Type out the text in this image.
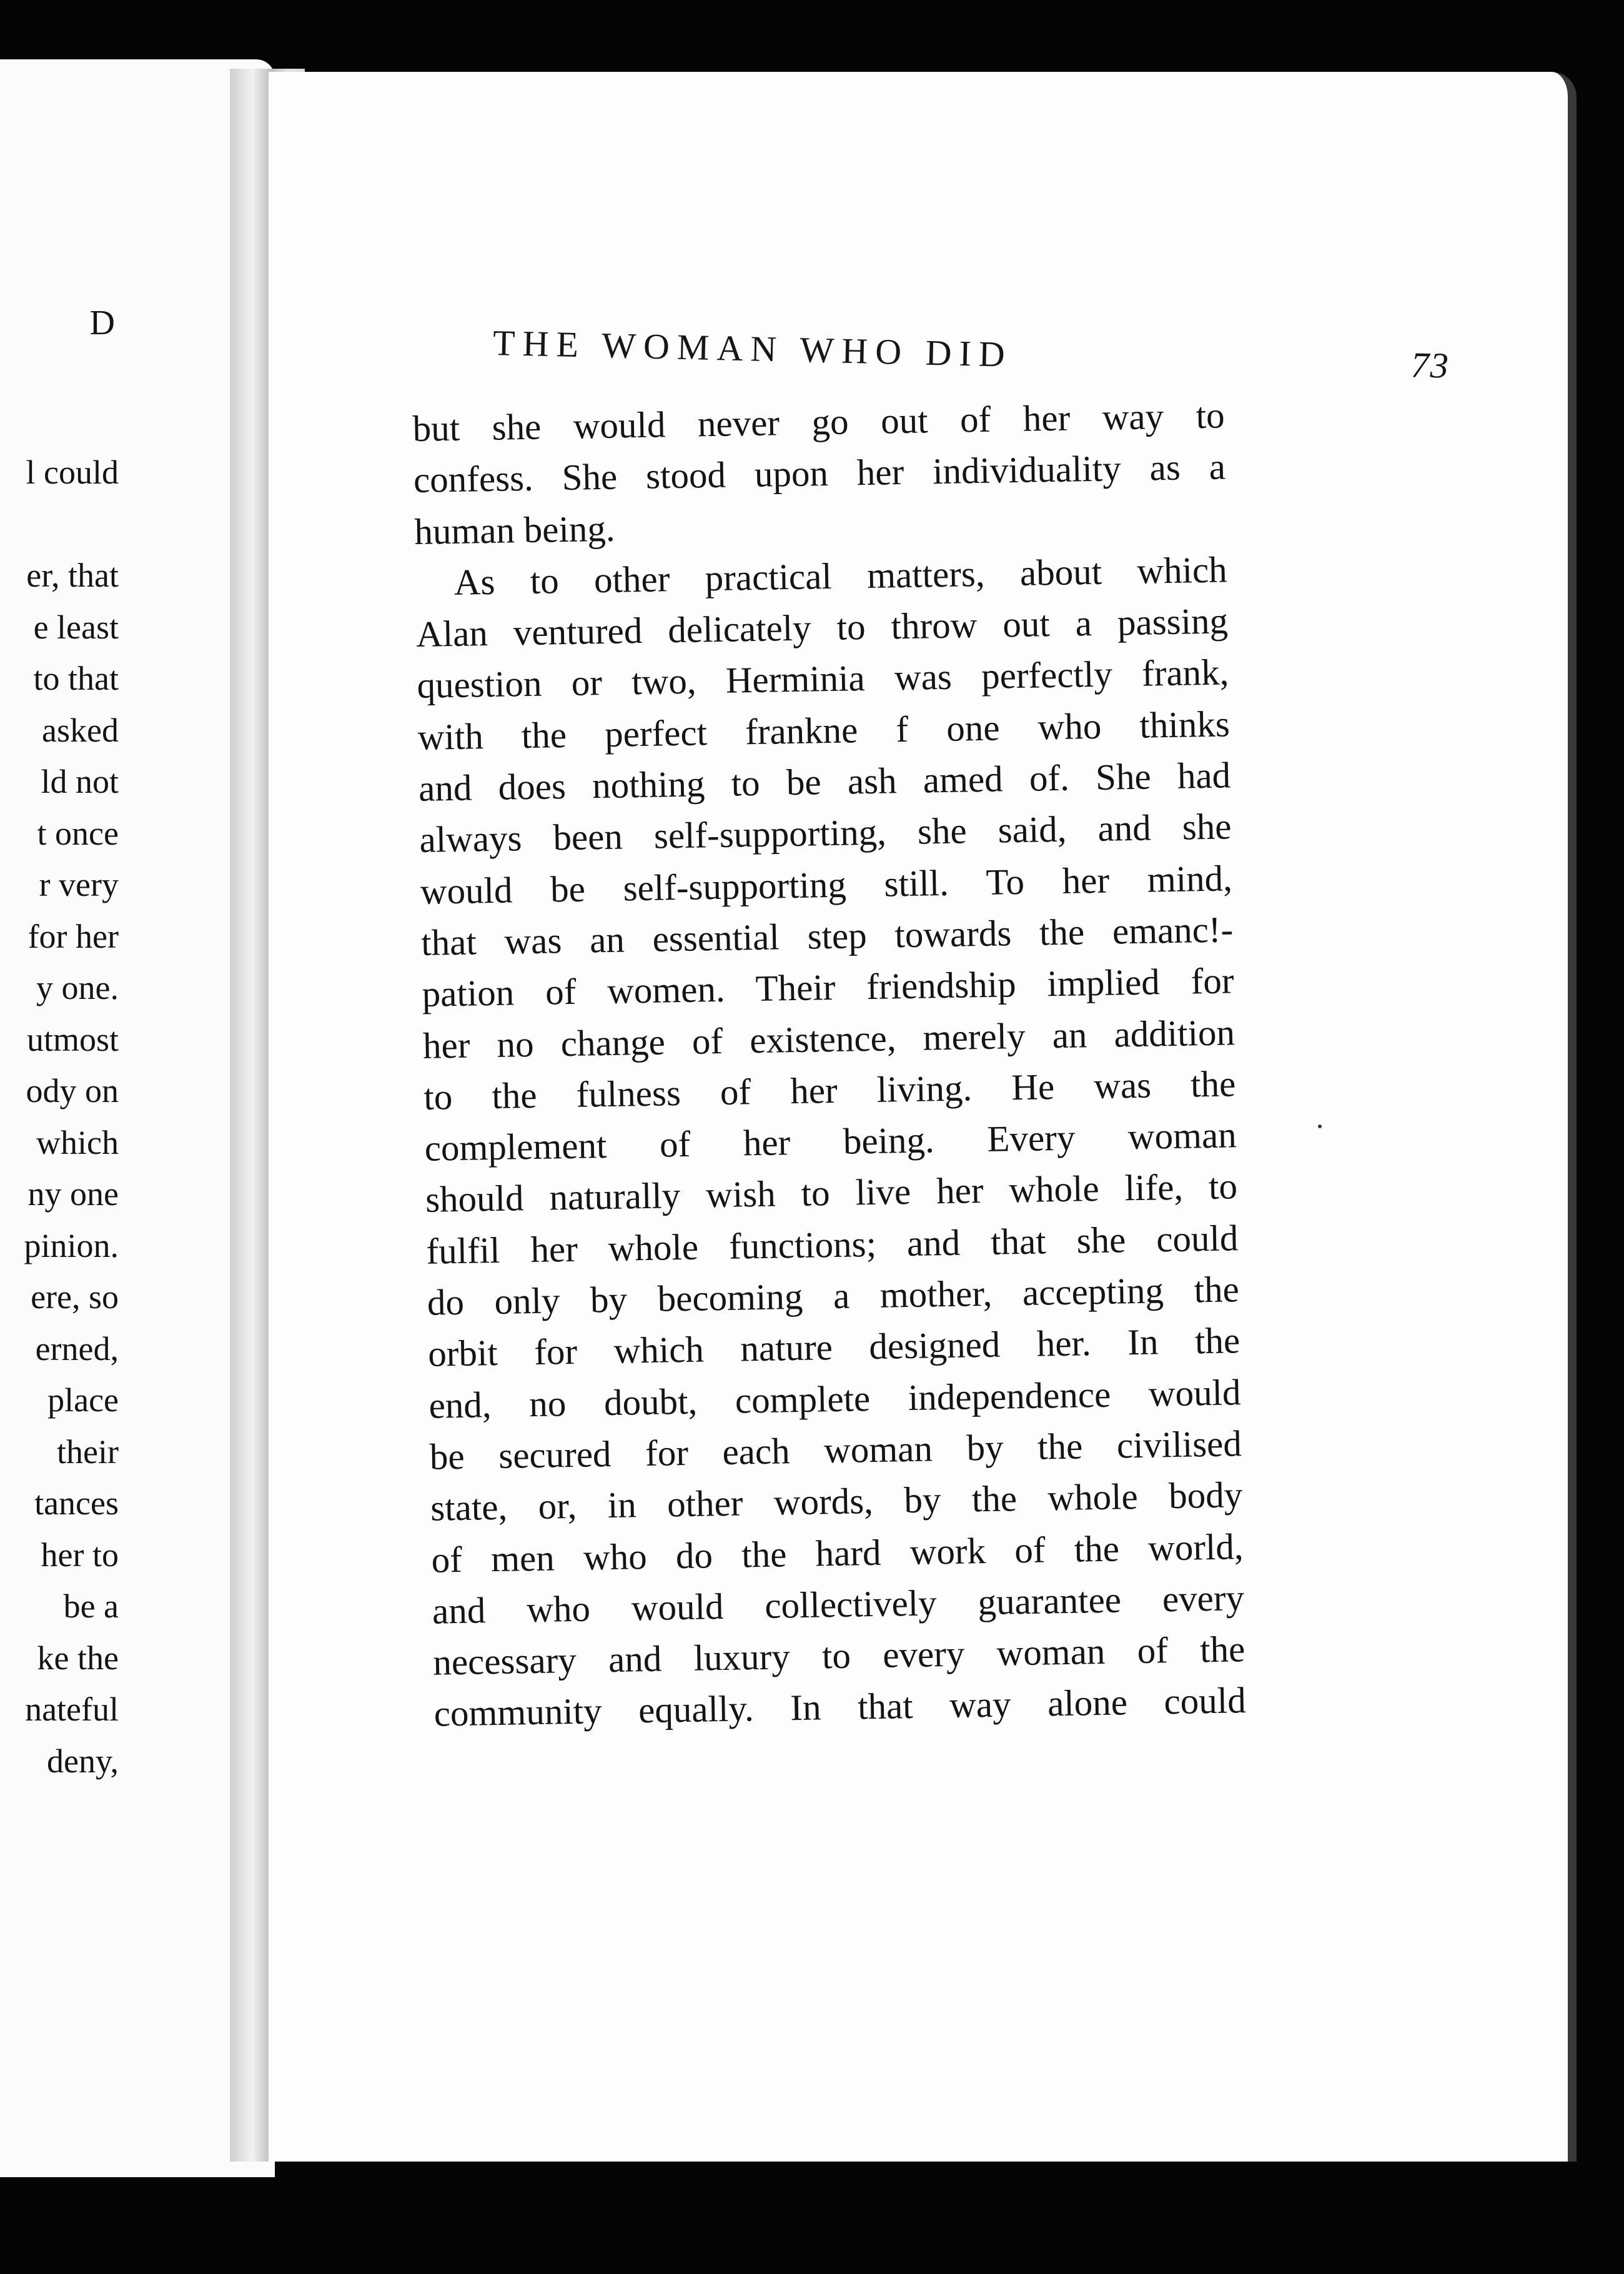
D
l could
er, that
e least
to that
asked
ld not
t once
r very
for her
y one.
utmost
ody on
which
ny one
pinion.
ere, so
erned,
place
their
tances
her to
be a
ke the
nateful
deny,
THE WOMAN WHO DID	73
but she would never go out of her way to
confess. She stood upon her individuality as a
human being.
As to other practical matters, about which
Alan ventured delicately to throw out a passing
question or two, Herminia was perfectly frank,
with the perfect frankne f one who thinks
and does nothing to be ash amed of. She had
always been self-supporting, she said, and she
would be self-supporting still. To her mind,
that was an essential step towards the emanc!-
pation of women. Their friendship implied for
her no change of existence, merely an addition
to the fulness of her living. He was the
complement of her being. Every woman
should naturally wish to live her whole life, to
fulfil her whole functions; and that she could
do only by becoming a mother, accepting the
orbit for which nature designed her. In the
end, no doubt, complete independence would
be secured for each woman by the civilised
state, or, in other words, by the whole body
of men who do the hard work of the world,
and who would collectively guarantee every
necessary and luxury to every woman of the
community equally. In that way alone could
